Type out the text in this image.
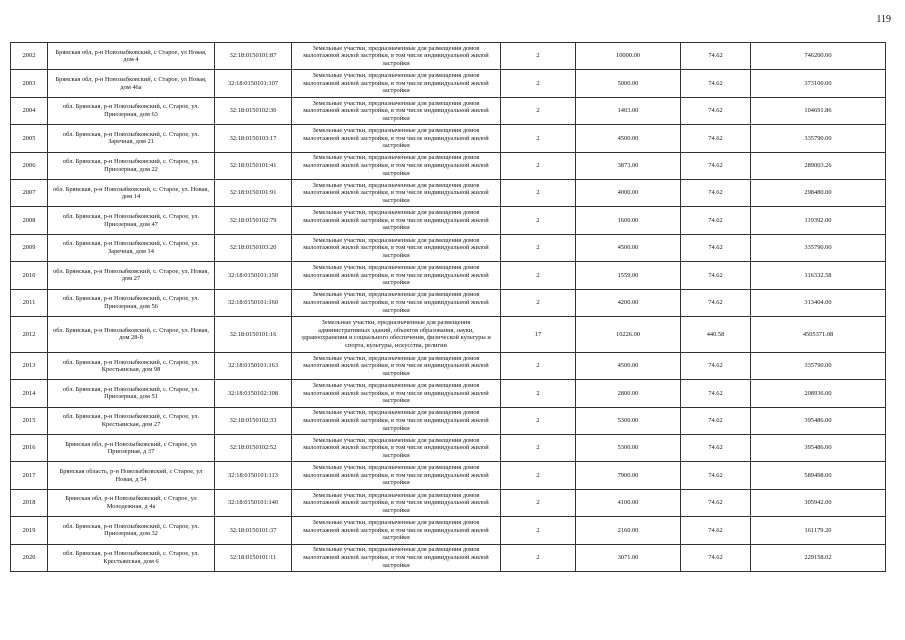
119
2002	Брянская обл, р-н Новозыбковский, с Старое, ул Новая, дом 4	32:18:0150101:87	Земельные участки, предназначенные для размещения домов малоэтажной жилой застройки, в том числе индивидуальной жилой застройки	2	10000.00	74.62	746200.00
2003	Брянская обл, р-н Новозыбковский, с Старое, ул Новая, дом 46а	32:18:0150101:107	Земельные участки, предназначенные для размещения домов малоэтажной жилой застройки, в том числе индивидуальной жилой застройки	2	5000.00	74.62	373100.00
2004	обл. Брянская, р-н Новозыбковский, с. Старое, ул. Приозерная, дом 63	32:18:0150102:30	Земельные участки, предназначенные для размещения домов малоэтажной жилой застройки, в том числе индивидуальной жилой застройки	2	1403.00	74.62	104691.86
2005	обл. Брянская, р-н Новозыбковский, с. Старое, ул. Заречная, дом 21	32:18:0150103:17	Земельные участки, предназначенные для размещения домов малоэтажной жилой застройки, в том числе индивидуальной жилой застройки	2	4500.00	74.62	335790.00
2006	обл. Брянская, р-н Новозыбковский, с. Старое, ул. Приозерная, дом 22	32:18:0150101:41	Земельные участки, предназначенные для размещения домов малоэтажной жилой застройки, в том числе индивидуальной жилой застройки	2	3873.00	74.62	289003.26
2007	обл. Брянская, р-н Новозыбковский, с. Старое, ул. Новая, дом 14	32:18:0150101:91	Земельные участки, предназначенные для размещения домов малоэтажной жилой застройки, в том числе индивидуальной жилой застройки	2	4000.00	74.62	298480.00
2008	обл. Брянская, р-н Новозыбковский, с. Старое, ул. Приозерная, дом 47	32:18:0150102:79	Земельные участки, предназначенные для размещения домов малоэтажной жилой застройки, в том числе индивидуальной жилой застройки	2	1600.00	74.62	119392.00
2009	обл. Брянская, р-н Новозыбковский, с. Старое, ул. Заречная, дом 14	32:18:0150103:20	Земельные участки, предназначенные для размещения домов малоэтажной жилой застройки, в том числе индивидуальной жилой застройки	2	4500.00	74.62	335790.00
2010	обл. Брянская, р-н Новозыбковский, с. Старое, ул. Новая, дом 27	32:18:0150101:150	Земельные участки, предназначенные для размещения домов малоэтажной жилой застройки, в том числе индивидуальной жилой застройки	2	1559.00	74.62	116332.58
2011	обл. Брянская, р-н Новозыбковский, с. Старое, ул. Приозерная, дом 56	32:18:0150101:160	Земельные участки, предназначенные для размещения домов малоэтажной жилой застройки, в том числе индивидуальной жилой застройки	2	4200.00	74.62	313404.00
2012	обл. Брянская, р-н Новозыбковский, с. Старое, ул. Новая, дом 28-б	32:18:0150101:16	Земельные участки, предназначенные для размещения административных зданий, объектов образования, науки, здравоохранения и социального обеспечения, физической культуры и спорта, культуры, искусства, религии	17	10226.00	440.58	4505371.08
2013	обл. Брянская, р-н Новозыбковский, с. Старое, ул. Крестьянская, дом 98	32:18:0150101:163	Земельные участки, предназначенные для размещения домов малоэтажной жилой застройки, в том числе индивидуальной жилой застройки	2	4500.00	74.62	335790.00
2014	обл. Брянская, р-н Новозыбковский, с. Старое, ул. Приозерная, дом 51	32:18:0150102:108	Земельные участки, предназначенные для размещения домов малоэтажной жилой застройки, в том числе индивидуальной жилой застройки	2	2800.00	74.62	208936.00
2015	обл. Брянская, р-н Новозыбковский, с. Старое, ул. Крестьянская, дом 27	32:18:0150102:33	Земельные участки, предназначенные для размещения домов малоэтажной жилой застройки, в том числе индивидуальной жилой застройки	2	5300.00	74.62	395486.00
2016	Брянская обл, р-н Новозыбковский, с Старое, ул Приозерная, д 37	32:18:0150102:52	Земельные участки, предназначенные для размещения домов малоэтажной жилой застройки, в том числе индивидуальной жилой застройки	2	5300.00	74.62	395486.00
2017	Брянская область, р-н Новозыбковский, с Старое, ул Новая, д 54	32:18:0150101:113	Земельные участки, предназначенные для размещения домов малоэтажной жилой застройки, в том числе индивидуальной жилой застройки	2	7900.00	74.62	589498.00
2018	Брянская обл, р-н Новозыбковский, с Старое, ул Молодежная, д 4а	32:18:0150101:140	Земельные участки, предназначенные для размещения домов малоэтажной жилой застройки, в том числе индивидуальной жилой застройки	2	4100.00	74.62	305942.00
2019	обл. Брянская, р-н Новозыбковский, с. Старое, ул. Приозерная, дом 32	32:18:0150101:37	Земельные участки, предназначенные для размещения домов малоэтажной жилой застройки, в том числе индивидуальной жилой застройки	2	2160.00	74.62	161179.20
2020	обл. Брянская, р-н Новозыбковский, с. Старое, ул. Крестьянская, дом 6	32:18:0150101:11	Земельные участки, предназначенные для размещения домов малоэтажной жилой застройки, в том числе индивидуальной жилой застройки	2	3071.00	74.62	229158.02
